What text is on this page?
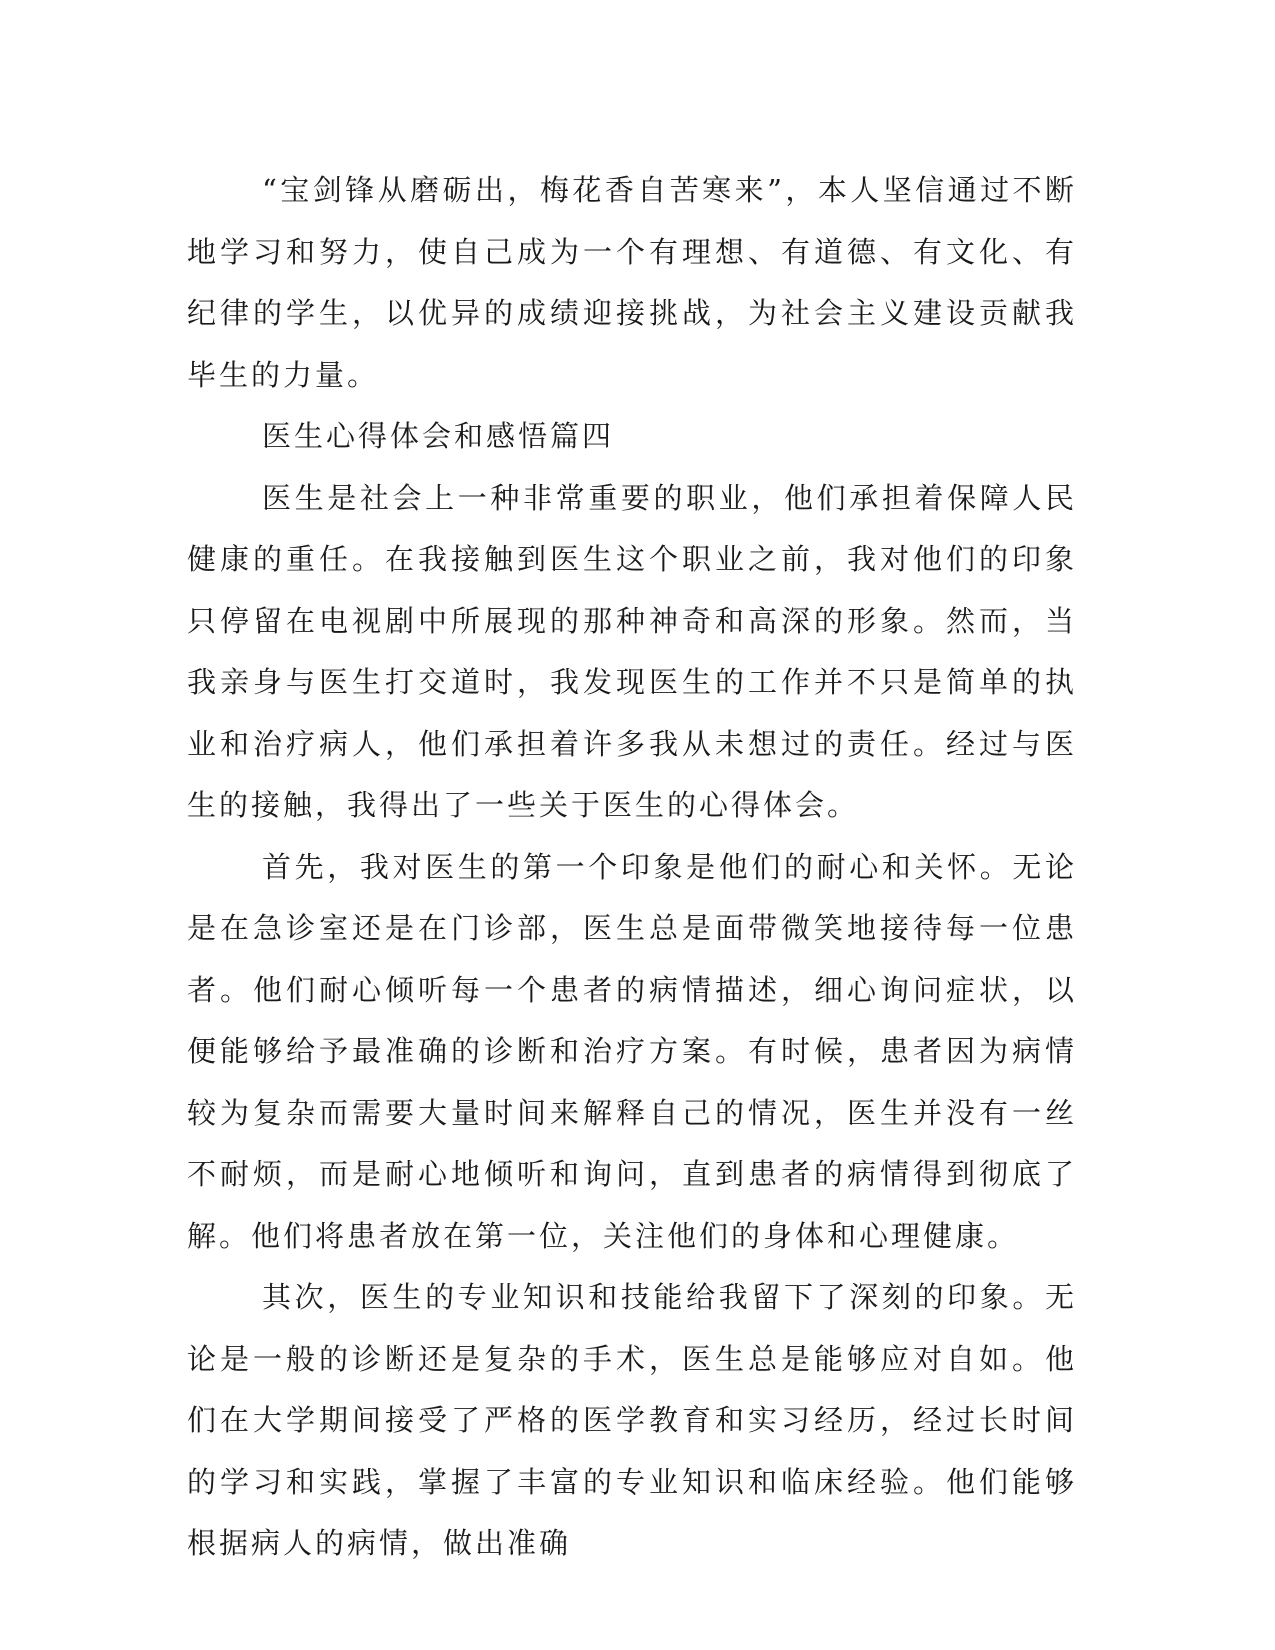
“宝剑锋从磨砺出，梅花香自苦寒来”，本人坚信通过不断地学习和努力，使自己成为一个有理想、有道德、有文化、有纪律的学生，以优异的成绩迎接挑战，为社会主义建设贡献我毕生的力量。

医生心得体会和感悟篇四

医生是社会上一种非常重要的职业，他们承担着保障人民健康的重任。在我接触到医生这个职业之前，我对他们的印象只停留在电视剧中所展现的那种神奇和高深的形象。然而，当我亲身与医生打交道时，我发现医生的工作并不只是简单的执业和治疗病人，他们承担着许多我从未想过的责任。经过与医生的接触，我得出了一些关于医生的心得体会。

首先，我对医生的第一个印象是他们的耐心和关怀。无论是在急诊室还是在门诊部，医生总是面带微笑地接待每一位患者。他们耐心倾听每一个患者的病情描述，细心询问症状，以便能够给予最准确的诊断和治疗方案。有时候，患者因为病情较为复杂而需要大量时间来解释自己的情况，医生并没有一丝不耐烦，而是耐心地倾听和询问，直到患者的病情得到彻底了解。他们将患者放在第一位，关注他们的身体和心理健康。

其次，医生的专业知识和技能给我留下了深刻的印象。无论是一般的诊断还是复杂的手术，医生总是能够应对自如。他们在大学期间接受了严格的医学教育和实习经历，经过长时间的学习和实践，掌握了丰富的专业知识和临床经验。他们能够根据病人的病情，做出准确
